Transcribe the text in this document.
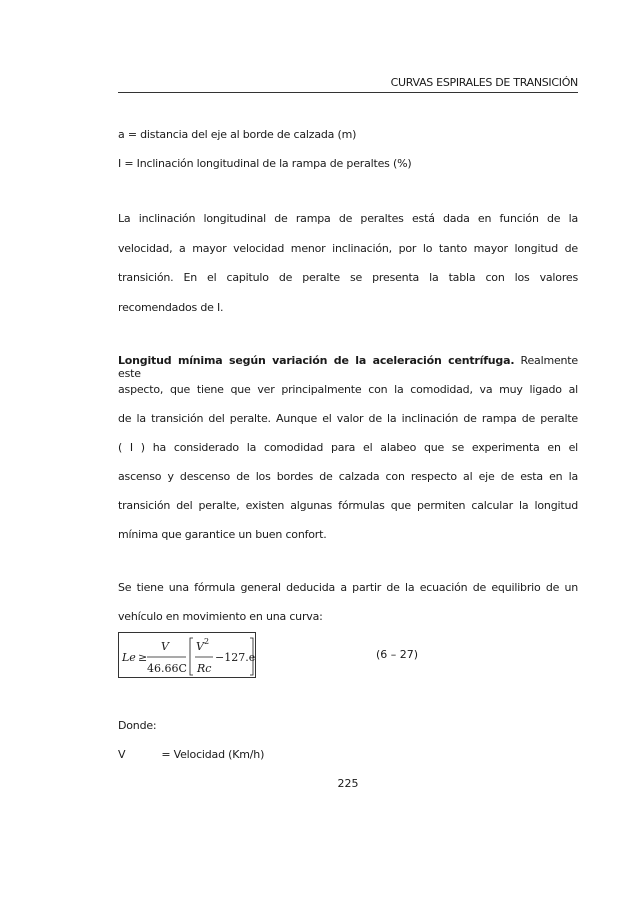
CURVAS ESPIRALES DE TRANSICIÓN
a = distancia del eje al borde de calzada (m)
I = Inclinación longitudinal de la rampa de peraltes (%)
La inclinación longitudinal de rampa de peraltes está dada en función de la
velocidad, a mayor velocidad menor inclinación, por lo tanto mayor longitud de
transición. En el capitulo de peralte se presenta la tabla con los valores
recomendados de I.
Longitud mínima según variación de la aceleración centrífuga. Realmente este
aspecto, que tiene que ver principalmente con la comodidad, va muy ligado al
de la transición del peralte. Aunque el valor de la inclinación de rampa de peralte
( I ) ha considerado la comodidad para el alabeo que se experimenta en el
ascenso y descenso de los bordes de calzada con respecto al eje de esta en la
transición del peralte, existen algunas fórmulas que permiten calcular la longitud
mínima que garantice un buen confort.
Se tiene una fórmula general deducida a partir de la ecuación de equilibrio de un
vehículo en movimiento en una curva:
Le ≥
V
46.66C
V 2
Rc
−127.e	(6 – 27)
Donde:
V	= Velocidad (Km/h)
225
